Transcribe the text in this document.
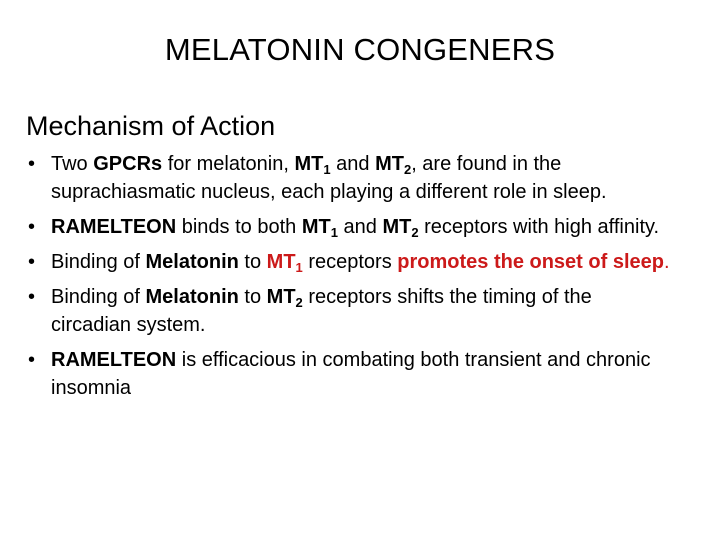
MELATONIN CONGENERS
Mechanism of Action
• Two GPCRs for melatonin, $MT_1$ and $MT_2$, are found in the suprachiasmatic nucleus, each playing a different role in sleep.
• RAMELTEON binds to both $MT_1$ and $MT_2$ receptors with high affinity.
• Binding of Melatonin to $MT_1$ receptors promotes the onset of sleep.
• Binding of Melatonin to $MT_2$ receptors shifts the timing of the circadian system.
• RAMELTEON is efficacious in combating both transient and chronic insomnia
